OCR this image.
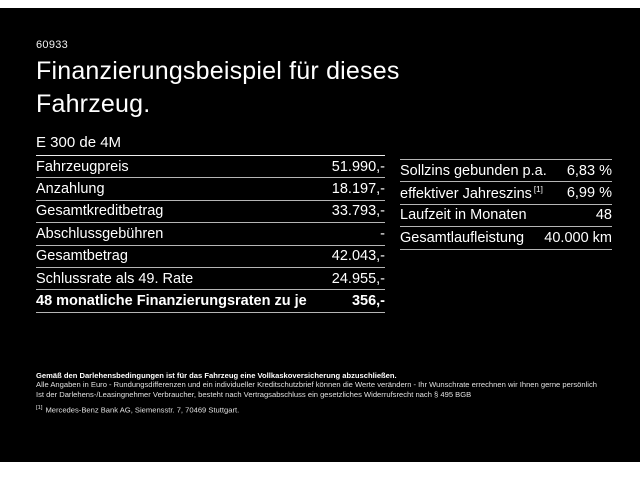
60933
Finanzierungsbeispiel für dieses
Fahrzeug.
E 300 de 4M
Fahrzeugpreis	51.990,-
Anzahlung	18.197,-
Gesamtkreditbetrag	33.793,-
Abschlussgebühren	-
Gesamtbetrag	42.043,-
Schlussrate als 49. Rate	24.955,-
48 monatliche Finanzierungsraten zu je	356,-
Sollzins gebunden p.a. 6,83 %
effektiver Jahreszins [1] 6,99 %
Laufzeit in Monaten	48
Gesamtlaufleistung 40.000 km

Gemäß den Darlehensbedingungen ist für das Fahrzeug eine Vollkaskoversicherung abzuschließen.

Alle Angaben in Euro - Rundungsdifferenzen und ein individueller Kreditschutzbrief können die Werte verändern - Ihr Wunschrate errechnen wir Ihnen gerne persönlich

Ist der Darlehens-/Leasingnehmer Verbraucher, besteht nach Vertragsabschluss ein gesetzliches Widerrufsrecht nach § 495 BGB

[1] Mercedes-Benz Bank AG, Siemensstr. 7, 70469 Stuttgart.
